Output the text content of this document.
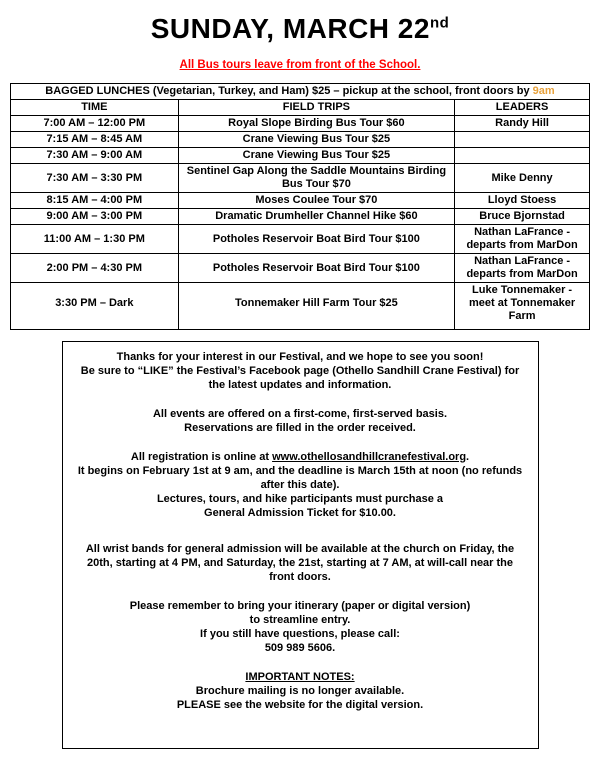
SUNDAY, MARCH 22nd
All Bus tours leave from front of the School.
BAGGED LUNCHES (Vegetarian, Turkey, and Ham) $25 – pickup at the school, front doors by 9am		
TIME	FIELD TRIPS	LEADERS
7:00 AM – 12:00 PM	Royal Slope Birding Bus Tour $60	Randy Hill
7:15 AM – 8:45 AM	Crane Viewing Bus Tour $25	
7:30 AM – 9:00 AM	Crane Viewing Bus Tour $25	
7:30 AM – 3:30 PM	Sentinel Gap Along the Saddle Mountains Birding Bus Tour $70	Mike Denny
8:15 AM – 4:00 PM	Moses Coulee Tour $70	Lloyd Stoess
9:00 AM – 3:00 PM	Dramatic Drumheller Channel Hike $60	Bruce Bjornstad
11:00 AM – 1:30 PM	Potholes Reservoir Boat Bird Tour $100	Nathan LaFrance - departs from MarDon
2:00 PM – 4:30 PM	Potholes Reservoir Boat Bird Tour $100	Nathan LaFrance - departs from MarDon
3:30 PM – Dark	Tonnemaker Hill Farm Tour $25	Luke Tonnemaker - meet at Tonnemaker Farm
Thanks for your interest in our Festival, and we hope to see you soon!
Be sure to “LIKE” the Festival’s Facebook page (Othello Sandhill Crane Festival) for the latest updates and information.
All events are offered on a first-come, first-served basis.
Reservations are filled in the order received.
All registration is online at www.othellosandhillcranefestival.org.
It begins on February 1st at 9 am, and the deadline is March 15th at noon (no refunds after this date).
Lectures, tours, and hike participants must purchase a
General Admission Ticket for $10.00.
All wrist bands for general admission will be available at the church on Friday, the 20th, starting at 4 PM, and Saturday, the 21st, starting at 7 AM, at will-call near the front doors.
Please remember to bring your itinerary (paper or digital version)
to streamline entry.
If you still have questions, please call:
509 989 5606.
IMPORTANT NOTES:
Brochure mailing is no longer available.
PLEASE see the website for the digital version.
